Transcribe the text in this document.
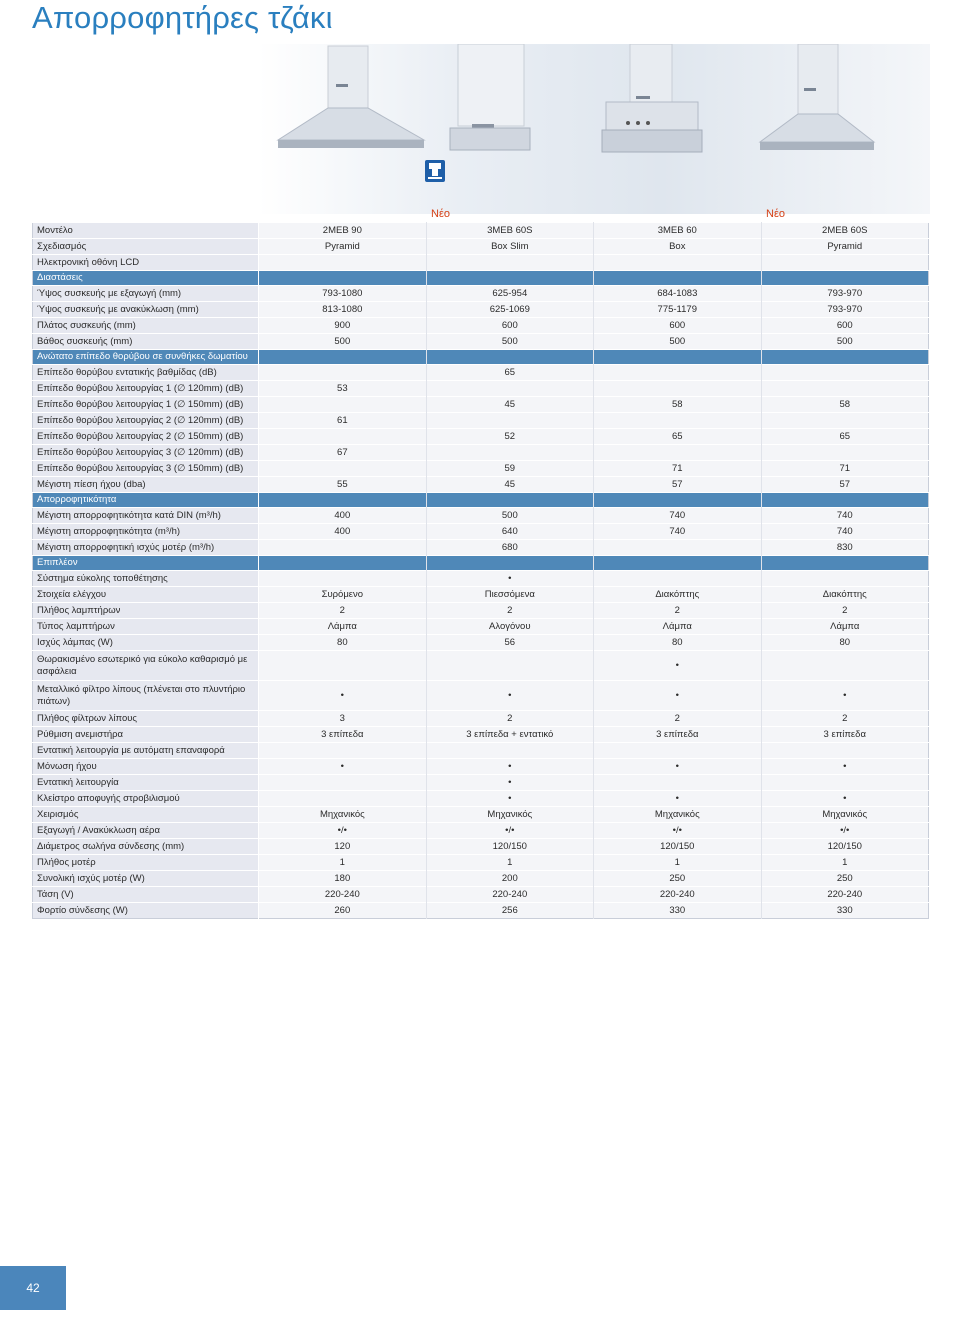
Απορροφητήρες τζάκι
Νέο	Νέο
Μοντέλο	2MEB 90	3MEB 60S	3MEB 60	2MEB 60S
Σχεδιασμός	Pyramid	Box Slim	Box	Pyramid
Ηλεκτρονική οθόνη LCD				
Διαστάσεις				
Ύψος συσκευής με εξαγωγή (mm)	793-1080	625-954	684-1083	793-970
Ύψος συσκευής με ανακύκλωση (mm)	813-1080	625-1069	775-1179	793-970
Πλάτος συσκευής (mm)	900	600	600	600
Βάθος συσκευής (mm)	500	500	500	500
Ανώτατο επίπεδο θορύβου σε συνθήκες δωματίου				
Επίπεδο θορύβου εντατικής βαθμίδας (dB)		65		
Επίπεδο θορύβου λειτουργίας 1 (∅ 120mm) (dB)	53			
Επίπεδο θορύβου λειτουργίας 1 (∅ 150mm) (dB)		45	58	58
Επίπεδο θορύβου λειτουργίας 2 (∅ 120mm) (dB)	61			
Επίπεδο θορύβου λειτουργίας 2 (∅ 150mm) (dB)		52	65	65
Επίπεδο θορύβου λειτουργίας 3 (∅ 120mm) (dB)	67			
Επίπεδο θορύβου λειτουργίας 3 (∅ 150mm) (dB)		59	71	71
Μέγιστη πίεση ήχου (dba)	55	45	57	57
Απορροφητικότητα				
Μέγιστη απορροφητικότητα κατά DIN (m³/h)	400	500	740	740
Μέγιστη απορροφητικότητα (m³/h)	400	640	740	740
Μέγιστη απορροφητική ισχύς μοτέρ (m³/h)		680		830
Επιπλέον				
Σύστημα εύκολης τοποθέτησης		•		
Στοιχεία ελέγχου	Συρόμενο	Πιεσσόμενα	Διακόπτης	Διακόπτης
Πλήθος λαμπτήρων	2	2	2	2
Τύπος λαμπτήρων	Λάμπα	Αλογόνου	Λάμπα	Λάμπα
Ισχύς λάμπας (W)	80	56	80	80
Θωρακισμένο εσωτερικό για εύκολο καθαρισμό με ασφάλεια			•	
Μεταλλικό φίλτρο λίπους (πλένεται στο πλυντήριο πιάτων)	•	•	•	•
Πλήθος φίλτρων λίπους	3	2	2	2
Ρύθμιση ανεμιστήρα	3 επίπεδα	3 επίπεδα + εντατικό	3 επίπεδα	3 επίπεδα
Εντατική λειτουργία με αυτόματη επαναφορά				
Μόνωση ήχου	•	•	•	•
Εντατική λειτουργία		•		
Κλείστρο αποφυγής στροβιλισμού		•	•	•
Χειρισμός	Μηχανικός	Μηχανικός	Μηχανικός	Μηχανικός
Εξαγωγή / Ανακύκλωση αέρα	•/•	•/•	•/•	•/•
Διάμετρος σωλήνα σύνδεσης (mm)	120	120/150	120/150	120/150
Πλήθος μοτέρ	1	1	1	1
Συνολική ισχύς μοτέρ (W)	180	200	250	250
Τάση (V)	220-240	220-240	220-240	220-240
Φορτίο σύνδεσης (W)	260	256	330	330
42
